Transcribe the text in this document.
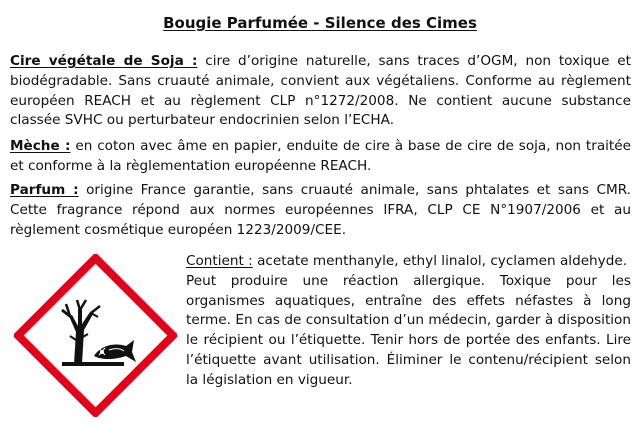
Bougie Parfumée - Silence des Cimes

Cire végétale de Soja : cire d’origine naturelle, sans traces d’OGM, non toxique et biodégradable. Sans cruauté animale, convient aux végétaliens. Conforme au règlement européen REACH et au règlement CLP n°1272/2008. Ne contient aucune substance classée SVHC ou perturbateur endocrinien selon l’ECHA.

Mèche : en coton avec âme en papier, enduite de cire à base de cire de soja, non traitée et conforme à la règlementation européenne REACH.

Parfum : origine France garantie, sans cruauté animale, sans phtalates et sans CMR. Cette fragrance répond aux normes européennes IFRA, CLP CE N°1907/2006 et au règlement cosmétique européen 1223/2009/CEE.

Contient : acetate menthanyle, ethyl linalol, cyclamen aldehyde.

Peut produire une réaction allergique. Toxique pour les organismes aquatiques, entraîne des effets néfastes à long terme. En cas de consultation d’un médecin, garder à disposition le récipient ou l’étiquette. Tenir hors de portée des enfants. Lire l’étiquette avant utilisation. Éliminer le contenu/récipient selon la législation en vigueur.
